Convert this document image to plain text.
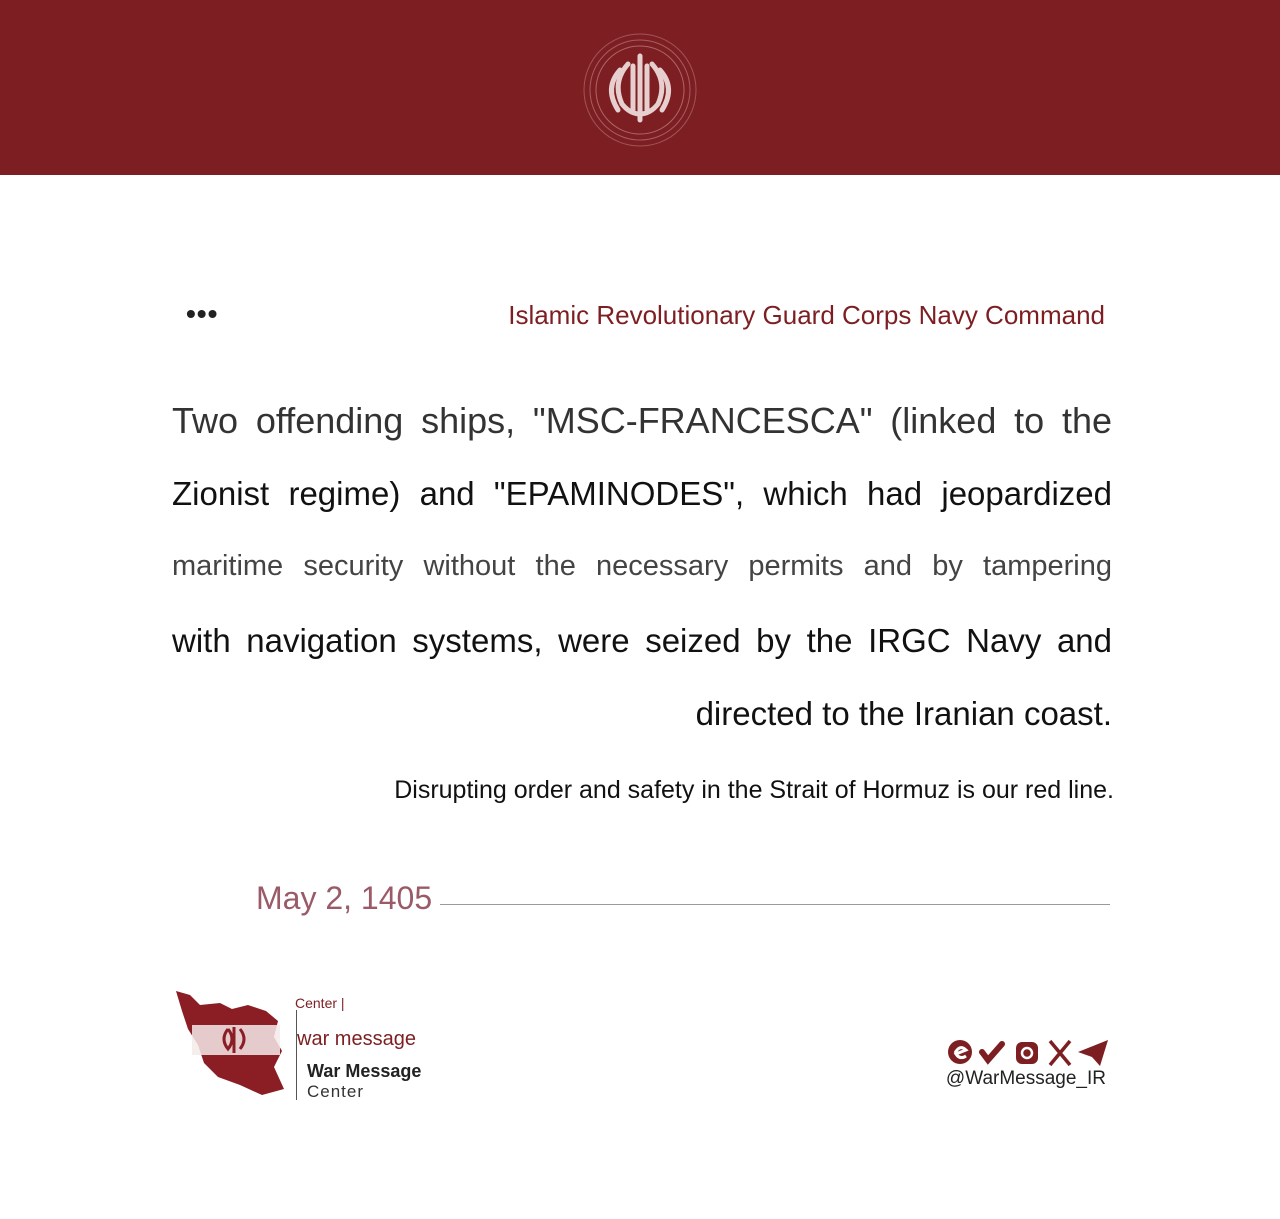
•••	Islamic Revolutionary Guard Corps Navy Command
Two offending ships, "MSC-FRANCESCA" (linked to the
Zionist regime) and "EPAMINODES", which had jeopardized
maritime security without the necessary permits and by tampering
with navigation systems, were seized by the IRGC Navy and
directed to the Iranian coast.
Disrupting order and safety in the Strait of Hormuz is our red line.
May 2, 1405
Center |
war message
War Message
Center
@WarMessage_IR
